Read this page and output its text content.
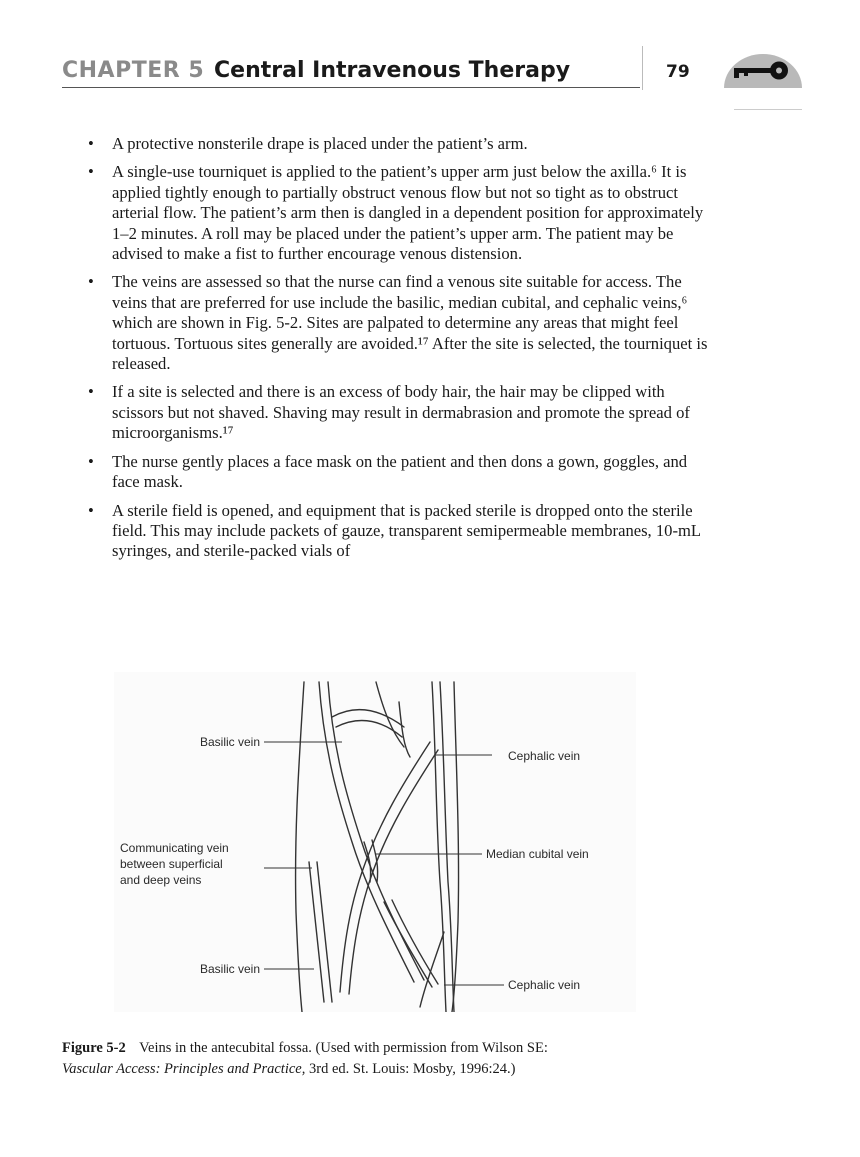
CHAPTER 5 Central Intravenous Therapy	79
• A protective nonsterile drape is placed under the patient’s arm.
• A single-use tourniquet is applied to the patient’s upper arm just below the axilla.⁶ It is applied tightly enough to partially obstruct venous flow but not so tight as to obstruct arterial flow. The patient’s arm then is dangled in a dependent position for approximately 1–2 minutes. A roll may be placed under the patient’s upper arm. The patient may be advised to make a fist to further encourage venous distension.
• The veins are assessed so that the nurse can find a venous site suitable for access. The veins that are preferred for use include the basilic, median cubital, and cephalic veins,⁶ which are shown in Fig. 5-2. Sites are palpated to determine any areas that might feel tortuous. Tortuous sites generally are avoided.¹⁷ After the site is selected, the tourniquet is released.
• If a site is selected and there is an excess of body hair, the hair may be clipped with scissors but not shaved. Shaving may result in dermabrasion and promote the spread of microorganisms.¹⁷
• The nurse gently places a face mask on the patient and then dons a gown, goggles, and face mask.
• A sterile field is opened, and equipment that is packed sterile is dropped onto the sterile field. This may include packets of gauze, transparent semipermeable membranes, 10-mL syringes, and sterile-packed vials of
Basilic vein
Cephalic vein
Communicating vein
between superficial
and deep veins
Median cubital vein
Basilic vein
Cephalic vein
Figure 5-2 Veins in the antecubital fossa. (Used with permission from Wilson SE:
Vascular Access: Principles and Practice, 3rd ed. St. Louis: Mosby, 1996:24.)
